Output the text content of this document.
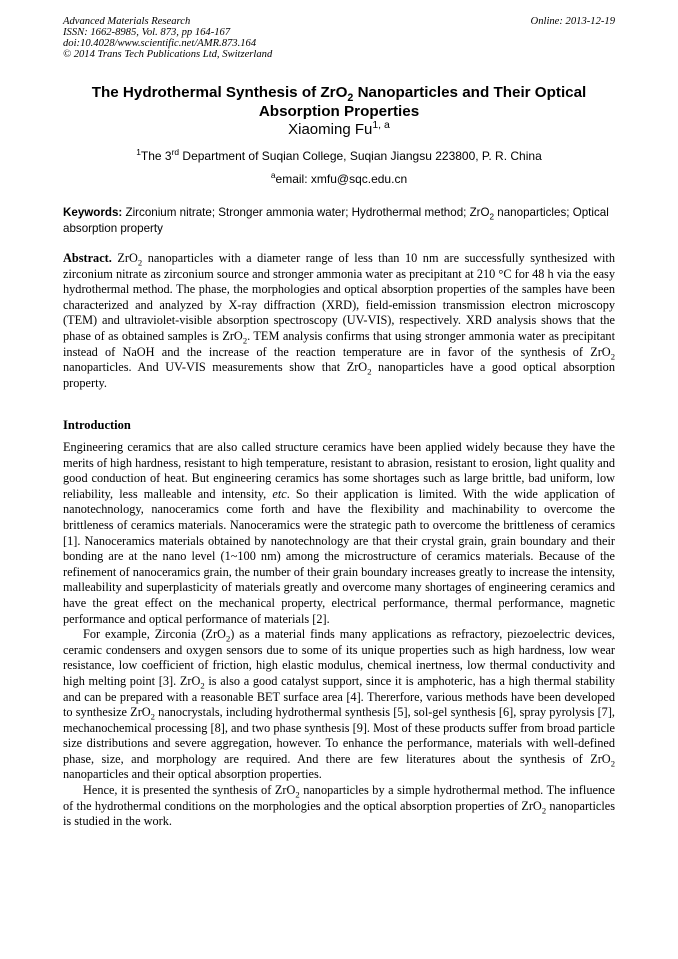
Advanced Materials Research
ISSN: 1662-8985, Vol. 873, pp 164-167
doi:10.4028/www.scientific.net/AMR.873.164
© 2014 Trans Tech Publications Ltd, Switzerland
Online: 2013-12-19
The Hydrothermal Synthesis of ZrO$_2$ Nanoparticles and Their Optical Absorption Properties
Xiaoming Fu$^{1, a}$
$^1$The 3rd Department of Suqian College, Suqian Jiangsu 223800, P. R. China
$^a$email: xmfu@sqc.edu.cn
Keywords: Zirconium nitrate; Stronger ammonia water; Hydrothermal method; ZrO$_2$ nanoparticles; Optical absorption property
Abstract. ZrO$_2$ nanoparticles with a diameter range of less than 10 nm are successfully synthesized with zirconium nitrate as zirconium source and stronger ammonia water as precipitant at 210 °C for 48 h via the easy hydrothermal method. The phase, the morphologies and optical absorption properties of the samples have been characterized and analyzed by X-ray diffraction (XRD), field-emission transmission electron microscopy (TEM) and ultraviolet-visible absorption spectroscopy (UV-VIS), respectively. XRD analysis shows that the phase of as obtained samples is ZrO$_2$. TEM analysis confirms that using stronger ammonia water as precipitant instead of NaOH and the increase of the reaction temperature are in favor of the synthesis of ZrO$_2$ nanoparticles. And UV-VIS measurements show that ZrO$_2$ nanoparticles have a good optical absorption property.
Introduction

Engineering ceramics that are also called structure ceramics have been applied widely because they have the merits of high hardness, resistant to high temperature, resistant to abrasion, resistant to erosion, light quality and good conduction of heat. But engineering ceramics has some shortages such as large brittle, bad uniform, low reliability, less malleable and intensity, etc. So their application is limited. With the wide application of nanotechnology, nanoceramics come forth and have the flexibility and machinability to overcome the brittleness of ceramics materials. Nanoceramics were the strategic path to overcome the brittleness of ceramics [1]. Nanoceramics materials obtained by nanotechnology are that their crystal grain, grain boundary and their bonding are at the nano level (1~100 nm) among the microstructure of ceramics materials. Because of the refinement of nanoceramics grain, the number of their grain boundary increases greatly to increase the intensity, malleability and superplasticity of materials greatly and overcome many shortages of engineering ceramics and have the great effect on the mechanical property, electrical performance, thermal performance, magnetic performance and optical performance of materials [2].

For example, Zirconia (ZrO$_2$) as a material finds many applications as refractory, piezoelectric devices, ceramic condensers and oxygen sensors due to some of its unique properties such as high hardness, low wear resistance, low coefficient of friction, high elastic modulus, chemical inertness, low thermal conductivity and high melting point [3]. ZrO$_2$ is also a good catalyst support, since it is amphoteric, has a high thermal stability and can be prepared with a reasonable BET surface area [4]. Thererfore, various methods have been developed to synthesize ZrO$_2$ nanocrystals, including hydrothermal synthesis [5], sol-gel synthesis [6], spray pyrolysis [7], mechanochemical processing [8], and two phase synthesis [9]. Most of these products suffer from broad particle size distributions and severe aggregation, however. To enhance the performance, materials with well-defined phase, size, and morphology are required. And there are few literatures about the synthesis of ZrO$_2$ nanoparticles and their optical absorption properties.

Hence, it is presented the synthesis of ZrO$_2$ nanoparticles by a simple hydrothermal method. The influence of the hydrothermal conditions on the morphologies and the optical absorption properties of ZrO$_2$ nanoparticles is studied in the work.
